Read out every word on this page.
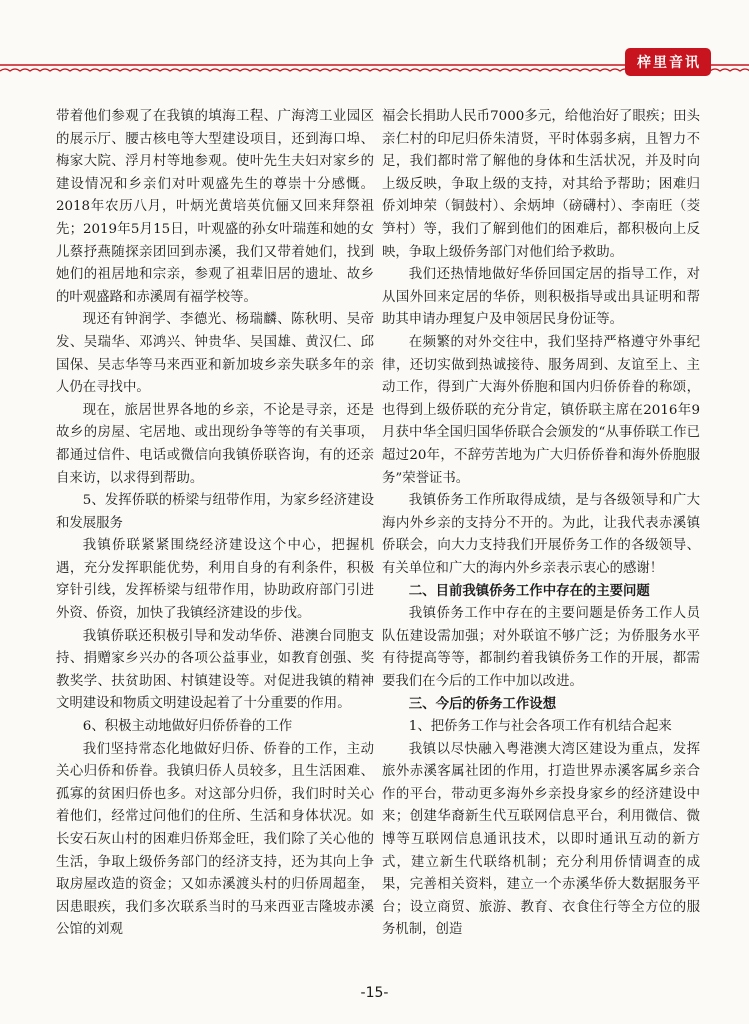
梓里音讯

带着他们参观了在我镇的填海工程、广海湾工业园区的展示厅、腰古核电等大型建设项目，还到海口埠、梅家大院、浮月村等地参观。使叶先生夫妇对家乡的建设情况和乡亲们对叶观盛先生的尊崇十分感慨。2018年农历八月，叶炳光黄培英伉俪又回来拜祭祖先；2019年5月15日，叶观盛的孙女叶瑞莲和她的女儿蔡抒燕随探亲团回到赤溪，我们又带着她们，找到她们的祖居地和宗亲，参观了祖辈旧居的遗址、故乡的叶观盛路和赤溪周有福学校等。

现还有钟润学、李德光、杨瑞麟、陈秋明、吴帝发、吴瑞华、邓鸿兴、钟贵华、吴国雄、黄汉仁、邱国保、吴志华等马来西亚和新加坡乡亲失联多年的亲人仍在寻找中。

现在，旅居世界各地的乡亲，不论是寻亲，还是故乡的房屋、宅居地、或出现纷争等等的有关事项，都通过信件、电话或微信向我镇侨联咨询，有的还亲自来访，以求得到帮助。

5、发挥侨联的桥梁与纽带作用，为家乡经济建设和发展服务

我镇侨联紧紧围绕经济建设这个中心，把握机遇，充分发挥职能优势，利用自身的有利条件，积极穿针引线，发挥桥梁与纽带作用，协助政府部门引进外资、侨资，加快了我镇经济建设的步伐。

我镇侨联还积极引导和发动华侨、港澳台同胞支持、捐赠家乡兴办的各项公益事业，如教育创强、奖教奖学、扶贫助困、村镇建设等。对促进我镇的精神文明建设和物质文明建设起着了十分重要的作用。

6、积极主动地做好归侨侨眷的工作

我们坚持常态化地做好归侨、侨眷的工作，主动关心归侨和侨眷。我镇归侨人员较多，且生活困难、孤寡的贫困归侨也多。对这部分归侨，我们时时关心着他们，经常过问他们的住所、生活和身体状况。如长安石灰山村的困难归侨郑金旺，我们除了关心他的生活，争取上级侨务部门的经济支持，还为其向上争取房屋改造的资金；又如赤溪渡头村的归侨周超奎，因患眼疾，我们多次联系当时的马来西亚吉隆坡赤溪公馆的刘观

福会长捐助人民币7000多元，给他治好了眼疾；田头亲仁村的印尼归侨朱清贤，平时体弱多病，且智力不足，我们都时常了解他的身体和生活状况，并及时向上级反映，争取上级的支持，对其给予帮助；困难归侨刘坤荣（铜鼓村）、余炳坤（磅礴村）、李南旺（茭笋村）等，我们了解到他们的困难后，都积极向上反映，争取上级侨务部门对他们给予救助。

我们还热情地做好华侨回国定居的指导工作，对从国外回来定居的华侨，则积极指导或出具证明和帮助其申请办理复户及申领居民身份证等。

在频繁的对外交往中，我们坚持严格遵守外事纪律，还切实做到热诚接待、服务周到、友谊至上、主动工作，得到广大海外侨胞和国内归侨侨眷的称颂，也得到上级侨联的充分肯定，镇侨联主席在2016年9月获中华全国归国华侨联合会颁发的“从事侨联工作已超过20年，不辞劳苦地为广大归侨侨眷和海外侨胞服务”荣誉证书。

我镇侨务工作所取得成绩，是与各级领导和广大海内外乡亲的支持分不开的。为此，让我代表赤溪镇侨联会，向大力支持我们开展侨务工作的各级领导、有关单位和广大的海内外乡亲表示衷心的感谢！

二、目前我镇侨务工作中存在的主要问题

我镇侨务工作中存在的主要问题是侨务工作人员队伍建设需加强；对外联谊不够广泛；为侨服务水平有待提高等等，都制约着我镇侨务工作的开展，都需要我们在今后的工作中加以改进。

三、今后的侨务工作设想

1、把侨务工作与社会各项工作有机结合起来

我镇以尽快融入粤港澳大湾区建设为重点，发挥旅外赤溪客属社团的作用，打造世界赤溪客属乡亲合作的平台，带动更多海外乡亲投身家乡的经济建设中来；创建华裔新生代互联网信息平台，利用微信、微博等互联网信息通讯技术，以即时通讯互动的新方式，建立新生代联络机制；充分利用侨情调查的成果，完善相关资料，建立一个赤溪华侨大数据服务平台；设立商贸、旅游、教育、衣食住行等全方位的服务机制，创造

-15-
